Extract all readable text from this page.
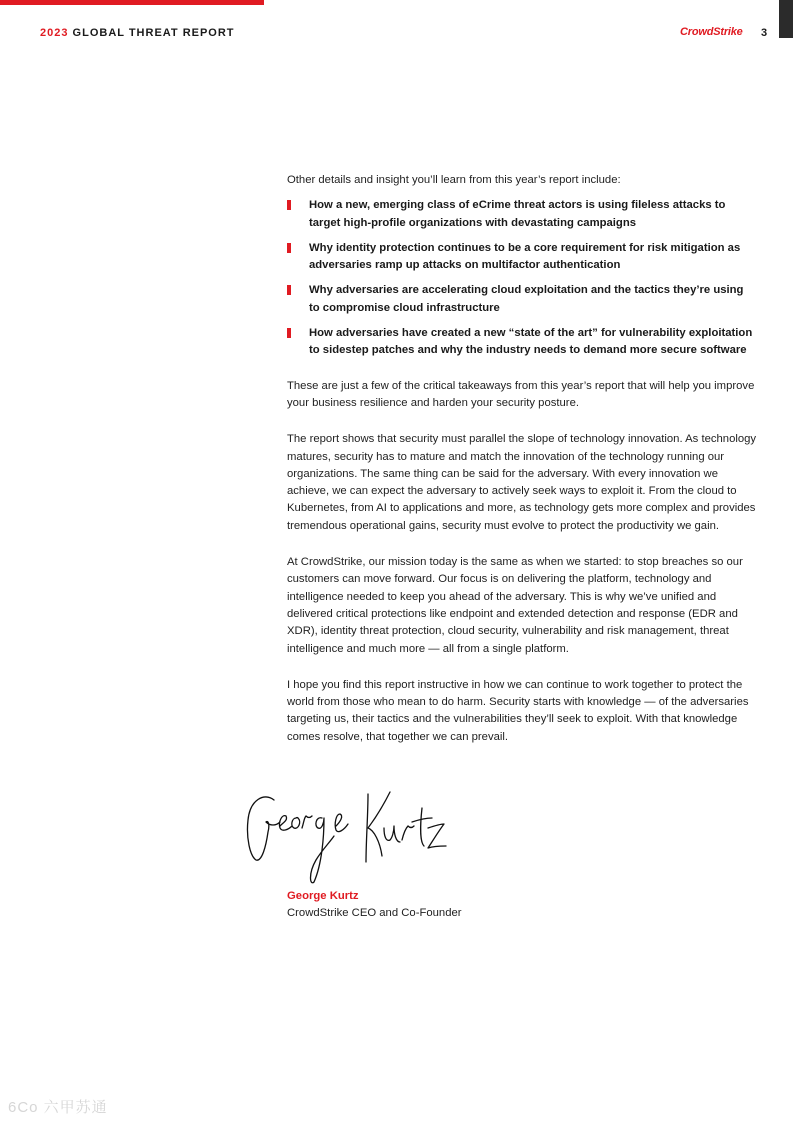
2023 GLOBAL THREAT REPORT	CrowdStrike 3

Other details and insight you’ll learn from this year’s report include:

How a new, emerging class of eCrime threat actors is using fileless attacks to target high-profile organizations with devastating campaigns
Why identity protection continues to be a core requirement for risk mitigation as adversaries ramp up attacks on multifactor authentication
Why adversaries are accelerating cloud exploitation and the tactics they’re using to compromise cloud infrastructure
How adversaries have created a new “state of the art” for vulnerability exploitation to sidestep patches and why the industry needs to demand more secure software

These are just a few of the critical takeaways from this year’s report that will help you improve your business resilience and harden your security posture.

The report shows that security must parallel the slope of technology innovation. As technology matures, security has to mature and match the innovation of the technology running our organizations. The same thing can be said for the adversary. With every innovation we achieve, we can expect the adversary to actively seek ways to exploit it. From the cloud to Kubernetes, from AI to applications and more, as technology gets more complex and provides tremendous operational gains, security must evolve to protect the productivity we gain.

At CrowdStrike, our mission today is the same as when we started: to stop breaches so our customers can move forward. Our focus is on delivering the platform, technology and intelligence needed to keep you ahead of the adversary. This is why we’ve unified and delivered critical protections like endpoint and extended detection and response (EDR and XDR), identity threat protection, cloud security, vulnerability and risk management, threat intelligence and much more — all from a single platform.

I hope you find this report instructive in how we can continue to work together to protect the world from those who mean to do harm. Security starts with knowledge — of the adversaries targeting us, their tactics and the vulnerabilities they’ll seek to exploit. With that knowledge comes resolve, that together we can prevail.

George Kurtz
CrowdStrike CEO and Co-Founder
6Co 六甲苏通
